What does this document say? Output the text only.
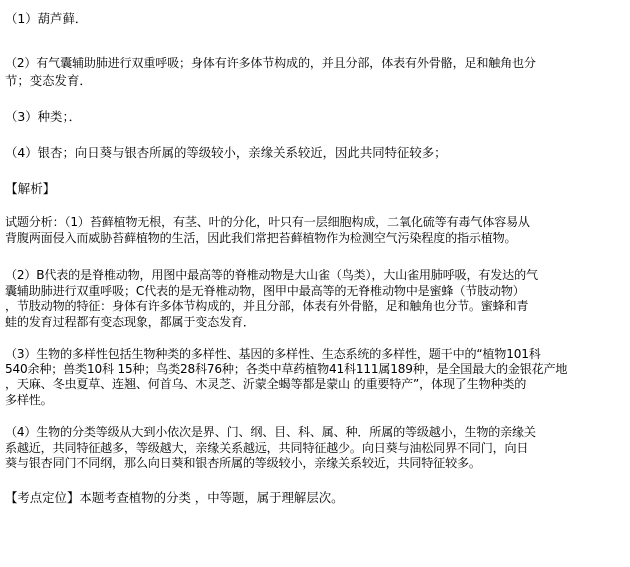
（1）葫芦藓．
（2）有气囊辅助肺进行双重呼吸；身体有许多体节构成的，并且分部，体表有外骨骼，足和触角也分
节；变态发育．
（3）种类；．
（4）银杏；向日葵与银杏所属的等级较小，亲缘关系较近，因此共同特征较多；
【解析】
试题分析：（1）苔藓植物无根，有茎、叶的分化，叶只有一层细胞构成，二氧化硫等有毒气体容易从
背腹两面侵入而威胁苔藓植物的生活，因此我们常把苔藓植物作为检测空气污染程度的指示植物。
（2）B代表的是脊椎动物，用图中最高等的脊椎动物是大山雀（鸟类），大山雀用肺呼吸，有发达的气
囊辅助肺进行双重呼吸；C代表的是无脊椎动物，图甲中最高等的无脊椎动物中是蜜蜂（节肢动物）
，节肢动物的特征：身体有许多体节构成的，并且分部，体表有外骨骼，足和触角也分节。蜜蜂和青
蛙的发育过程都有变态现象，都属于变态发育．
（3）生物的多样性包括生物种类的多样性、基因的多样性、生态系统的多样性，题干中的“植物101科
540余种；兽类10科 15种；鸟类28科76种；各类中草药植物41科111属189种，是全国最大的金银花产地
，天麻、冬虫夏草、连翘、何首乌、木灵芝、沂蒙全蝎等都是蒙山 的重要特产”，体现了生物种类的
多样性。
（4）生物的分类等级从大到小依次是界、门、纲、目、科、属、种．所属的等级越小，生物的亲缘关
系越近，共同特征越多，等级越大，亲缘关系越远，共同特征越少。向日葵与油松同界不同门，向日
葵与银杏同门不同纲，那么向日葵和银杏所属的等级较小，亲缘关系较近，共同特征较多。
【考点定位】本题考查植物的分类 ，中等题，属于理解层次。
